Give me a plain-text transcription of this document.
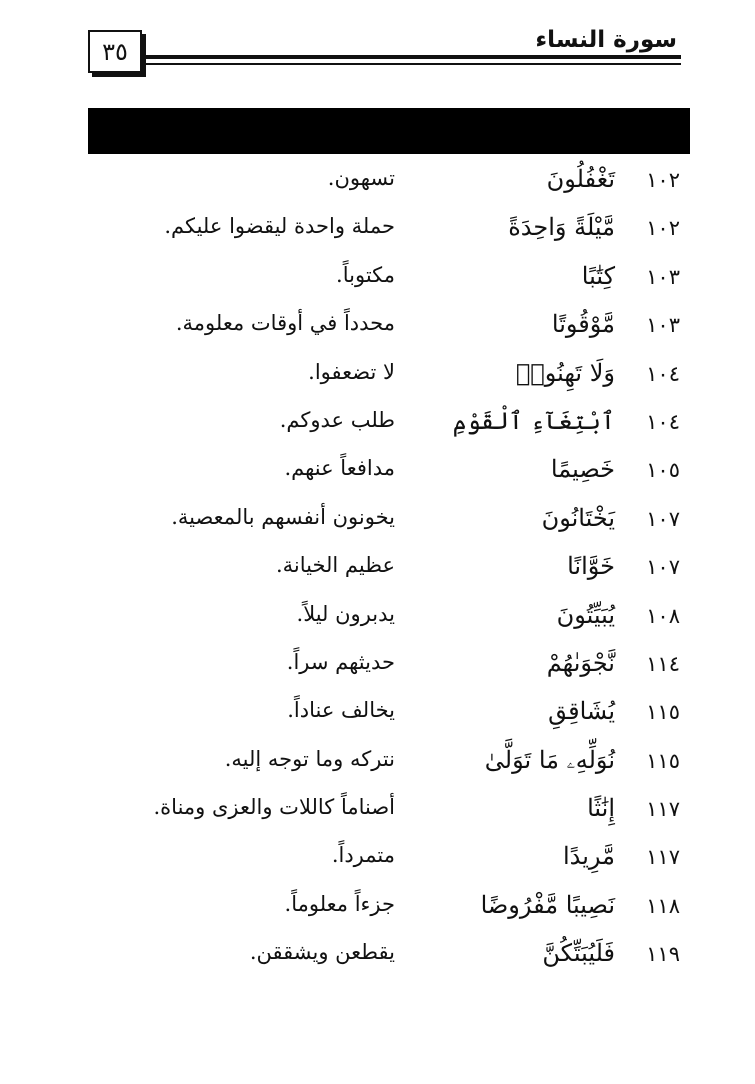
٣٥	سورة النساء
١٠٢
تَغْفُلُونَ
تسهون.
١٠٢
مَّيْلَةً وَاحِدَةً
حملة واحدة ليقضوا عليكم.
١٠٣
كِتَٰبًا
مكتوباً.
١٠٣
مَّوْقُوتًا
محدداً في أوقات معلومة.
١٠٤
وَلَا تَهِنُوا۟
لا تضعفوا.
١٠٤
ٱبْتِغَآءِ ٱلْقَوْمِ
طلب عدوكم.
١٠٥
خَصِيمًا
مدافعاً عنهم.
١٠٧
يَخْتَانُونَ
يخونون أنفسهم بالمعصية.
١٠٧
خَوَّانًا
عظيم الخيانة.
١٠٨
يُبَيِّتُونَ
يدبرون ليلاً.
١١٤
نَّجْوَىٰهُمْ
حديثهم سراً.
١١٥
يُشَاقِقِ
يخالف عناداً.
١١٥
نُوَلِّهِۦ مَا تَوَلَّىٰ
نتركه وما توجه إليه.
١١٧
إِنَٰثًا
أصناماً كاللات والعزى ومناة.
١١٧
مَّرِيدًا
متمرداً.
١١٨
نَصِيبًا مَّفْرُوضًا
جزءاً معلوماً.
١١٩
فَلَيُبَتِّكُنَّ
يقطعن ويشققن.
